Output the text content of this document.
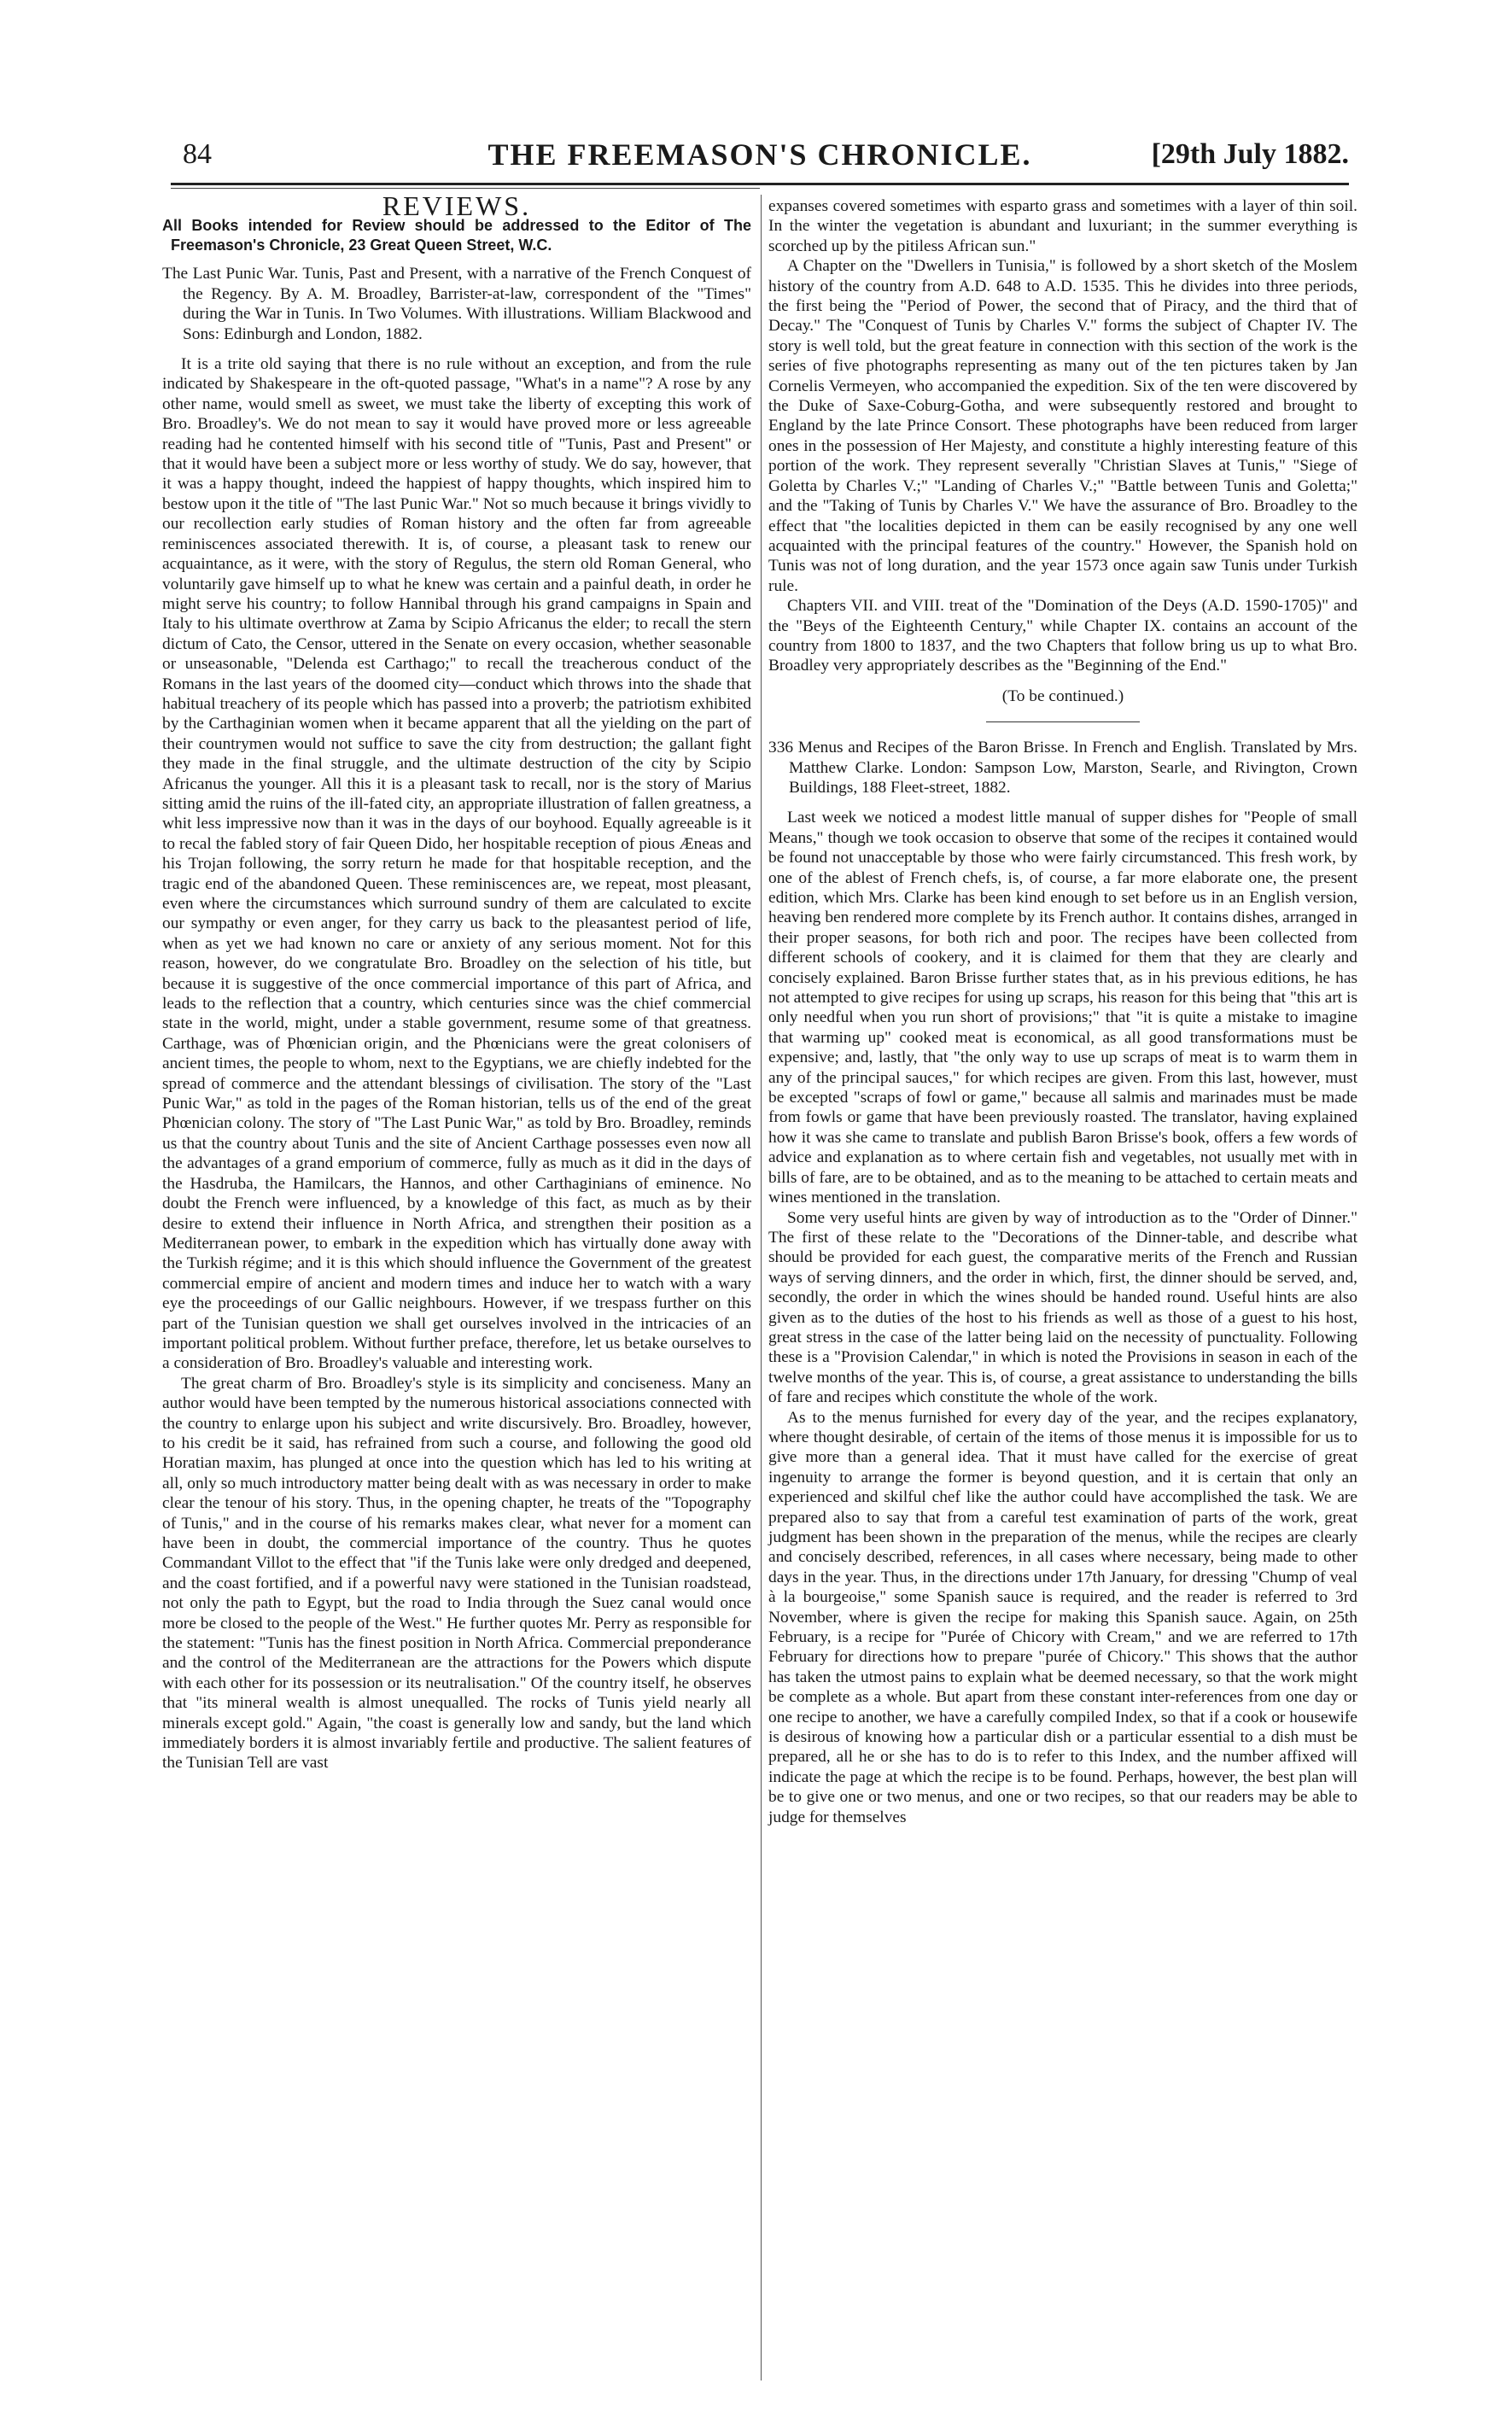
84	THE FREEMASON'S CHRONICLE.	[29th July 1882.

REVIEWS.

All Books intended for Review should be addressed to the Editor of The Freemason's Chronicle, 23 Great Queen Street, W.C.

The Last Punic War. Tunis, Past and Present, with a narrative of the French Conquest of the Regency. By A. M. Broadley, Barrister-at-law, correspondent of the "Times" during the War in Tunis. In Two Volumes. With illustrations. William Blackwood and Sons: Edinburgh and London, 1882.

It is a trite old saying that there is no rule without an exception, and from the rule indicated by Shakespeare in the oft-quoted passage, "What's in a name"? A rose by any other name, would smell as sweet, we must take the liberty of excepting this work of Bro. Broadley's. We do not mean to say it would have proved more or less agreeable reading had he contented himself with his second title of "Tunis, Past and Present" or that it would have been a subject more or less worthy of study. We do say, however, that it was a happy thought, indeed the happiest of happy thoughts, which inspired him to bestow upon it the title of "The last Punic War." Not so much because it brings vividly to our recollection early studies of Roman history and the often far from agreeable reminiscences associated therewith. It is, of course, a pleasant task to renew our acquaintance, as it were, with the story of Regulus, the stern old Roman General, who voluntarily gave himself up to what he knew was certain and a painful death, in order he might serve his country; to follow Hannibal through his grand campaigns in Spain and Italy to his ultimate overthrow at Zama by Scipio Africanus the elder; to recall the stern dictum of Cato, the Censor, uttered in the Senate on every occasion, whether seasonable or unseasonable, "Delenda est Carthago;" to recall the treacherous conduct of the Romans in the last years of the doomed city—conduct which throws into the shade that habitual treachery of its people which has passed into a proverb; the patriotism exhibited by the Carthaginian women when it became apparent that all the yielding on the part of their countrymen would not suffice to save the city from destruction; the gallant fight they made in the final struggle, and the ultimate destruction of the city by Scipio Africanus the younger. All this it is a pleasant task to recall, nor is the story of Marius sitting amid the ruins of the ill-fated city, an appropriate illustration of fallen greatness, a whit less impressive now than it was in the days of our boyhood. Equally agreeable is it to recal the fabled story of fair Queen Dido, her hospitable reception of pious Æneas and his Trojan following, the sorry return he made for that hospitable reception, and the tragic end of the abandoned Queen. These reminiscences are, we repeat, most pleasant, even where the circumstances which surround sundry of them are calculated to excite our sympathy or even anger, for they carry us back to the pleasantest period of life, when as yet we had known no care or anxiety of any serious moment. Not for this reason, however, do we congratulate Bro. Broadley on the selection of his title, but because it is suggestive of the once commercial importance of this part of Africa, and leads to the reflection that a country, which centuries since was the chief commercial state in the world, might, under a stable government, resume some of that greatness. Carthage, was of Phœnician origin, and the Phœnicians were the great colonisers of ancient times, the people to whom, next to the Egyptians, we are chiefly indebted for the spread of commerce and the attendant blessings of civilisation. The story of the "Last Punic War," as told in the pages of the Roman historian, tells us of the end of the great Phœnician colony. The story of "The Last Punic War," as told by Bro. Broadley, reminds us that the country about Tunis and the site of Ancient Carthage possesses even now all the advantages of a grand emporium of commerce, fully as much as it did in the days of the Hasdruba, the Hamilcars, the Hannos, and other Carthaginians of eminence. No doubt the French were influenced, by a knowledge of this fact, as much as by their desire to extend their influence in North Africa, and strengthen their position as a Mediterranean power, to embark in the expedition which has virtually done away with the Turkish régime; and it is this which should influence the Government of the greatest commercial empire of ancient and modern times and induce her to watch with a wary eye the proceedings of our Gallic neighbours. However, if we trespass further on this part of the Tunisian question we shall get ourselves involved in the intricacies of an important political problem. Without further preface, therefore, let us betake ourselves to a consideration of Bro. Broadley's valuable and interesting work.

The great charm of Bro. Broadley's style is its simplicity and conciseness. Many an author would have been tempted by the numerous historical associations connected with the country to enlarge upon his subject and write discursively. Bro. Broadley, however, to his credit be it said, has refrained from such a course, and following the good old Horatian maxim, has plunged at once into the question which has led to his writing at all, only so much introductory matter being dealt with as was necessary in order to make clear the tenour of his story. Thus, in the opening chapter, he treats of the "Topography of Tunis," and in the course of his remarks makes clear, what never for a moment can have been in doubt, the commercial importance of the country. Thus he quotes Commandant Villot to the effect that "if the Tunis lake were only dredged and deepened, and the coast fortified, and if a powerful navy were stationed in the Tunisian roadstead, not only the path to Egypt, but the road to India through the Suez canal would once more be closed to the people of the West." He further quotes Mr. Perry as responsible for the statement: "Tunis has the finest position in North Africa. Commercial preponderance and the control of the Mediterranean are the attractions for the Powers which dispute with each other for its possession or its neutralisation." Of the country itself, he observes that "its mineral wealth is almost unequalled. The rocks of Tunis yield nearly all minerals except gold." Again, "the coast is generally low and sandy, but the land which immediately borders it is almost invariably fertile and productive. The salient features of the Tunisian Tell are vast

expanses covered sometimes with esparto grass and sometimes with a layer of thin soil. In the winter the vegetation is abundant and luxuriant; in the summer everything is scorched up by the pitiless African sun."

A Chapter on the "Dwellers in Tunisia," is followed by a short sketch of the Moslem history of the country from A.D. 648 to A.D. 1535. This he divides into three periods, the first being the "Period of Power, the second that of Piracy, and the third that of Decay." The "Conquest of Tunis by Charles V." forms the subject of Chapter IV. The story is well told, but the great feature in connection with this section of the work is the series of five photographs representing as many out of the ten pictures taken by Jan Cornelis Vermeyen, who accompanied the expedition. Six of the ten were discovered by the Duke of Saxe-Coburg-Gotha, and were subsequently restored and brought to England by the late Prince Consort. These photographs have been reduced from larger ones in the possession of Her Majesty, and constitute a highly interesting feature of this portion of the work. They represent severally "Christian Slaves at Tunis," "Siege of Goletta by Charles V.;" "Landing of Charles V.;" "Battle between Tunis and Goletta;" and the "Taking of Tunis by Charles V." We have the assurance of Bro. Broadley to the effect that "the localities depicted in them can be easily recognised by any one well acquainted with the principal features of the country." However, the Spanish hold on Tunis was not of long duration, and the year 1573 once again saw Tunis under Turkish rule.

Chapters VII. and VIII. treat of the "Domination of the Deys (A.D. 1590-1705)" and the "Beys of the Eighteenth Century," while Chapter IX. contains an account of the country from 1800 to 1837, and the two Chapters that follow bring us up to what Bro. Broadley very appropriately describes as the "Beginning of the End."

(To be continued.)

336 Menus and Recipes of the Baron Brisse. In French and English. Translated by Mrs. Matthew Clarke. London: Sampson Low, Marston, Searle, and Rivington, Crown Buildings, 188 Fleet-street, 1882.

Last week we noticed a modest little manual of supper dishes for "People of small Means," though we took occasion to observe that some of the recipes it contained would be found not unacceptable by those who were fairly circumstanced. This fresh work, by one of the ablest of French chefs, is, of course, a far more elaborate one, the present edition, which Mrs. Clarke has been kind enough to set before us in an English version, heaving ben rendered more complete by its French author. It contains dishes, arranged in their proper seasons, for both rich and poor. The recipes have been collected from different schools of cookery, and it is claimed for them that they are clearly and concisely explained. Baron Brisse further states that, as in his previous editions, he has not attempted to give recipes for using up scraps, his reason for this being that "this art is only needful when you run short of provisions;" that "it is quite a mistake to imagine that warming up" cooked meat is economical, as all good transformations must be expensive; and, lastly, that "the only way to use up scraps of meat is to warm them in any of the principal sauces," for which recipes are given. From this last, however, must be excepted "scraps of fowl or game," because all salmis and marinades must be made from fowls or game that have been previously roasted. The translator, having explained how it was she came to translate and publish Baron Brisse's book, offers a few words of advice and explanation as to where certain fish and vegetables, not usually met with in bills of fare, are to be obtained, and as to the meaning to be attached to certain meats and wines mentioned in the translation.

Some very useful hints are given by way of introduction as to the "Order of Dinner." The first of these relate to the "Decorations of the Dinner-table, and describe what should be provided for each guest, the comparative merits of the French and Russian ways of serving dinners, and the order in which, first, the dinner should be served, and, secondly, the order in which the wines should be handed round. Useful hints are also given as to the duties of the host to his friends as well as those of a guest to his host, great stress in the case of the latter being laid on the necessity of punctuality. Following these is a "Provision Calendar," in which is noted the Provisions in season in each of the twelve months of the year. This is, of course, a great assistance to understanding the bills of fare and recipes which constitute the whole of the work.

As to the menus furnished for every day of the year, and the recipes explanatory, where thought desirable, of certain of the items of those menus it is impossible for us to give more than a general idea. That it must have called for the exercise of great ingenuity to arrange the former is beyond question, and it is certain that only an experienced and skilful chef like the author could have accomplished the task. We are prepared also to say that from a careful test examination of parts of the work, great judgment has been shown in the preparation of the menus, while the recipes are clearly and concisely described, references, in all cases where necessary, being made to other days in the year. Thus, in the directions under 17th January, for dressing "Chump of veal à la bourgeoise," some Spanish sauce is required, and the reader is referred to 3rd November, where is given the recipe for making this Spanish sauce. Again, on 25th February, is a recipe for "Purée of Chicory with Cream," and we are referred to 17th February for directions how to prepare "purée of Chicory." This shows that the author has taken the utmost pains to explain what be deemed necessary, so that the work might be complete as a whole. But apart from these constant inter-references from one day or one recipe to another, we have a carefully compiled Index, so that if a cook or housewife is desirous of knowing how a particular dish or a particular essential to a dish must be prepared, all he or she has to do is to refer to this Index, and the number affixed will indicate the page at which the recipe is to be found. Perhaps, however, the best plan will be to give one or two menus, and one or two recipes, so that our readers may be able to judge for themselves
